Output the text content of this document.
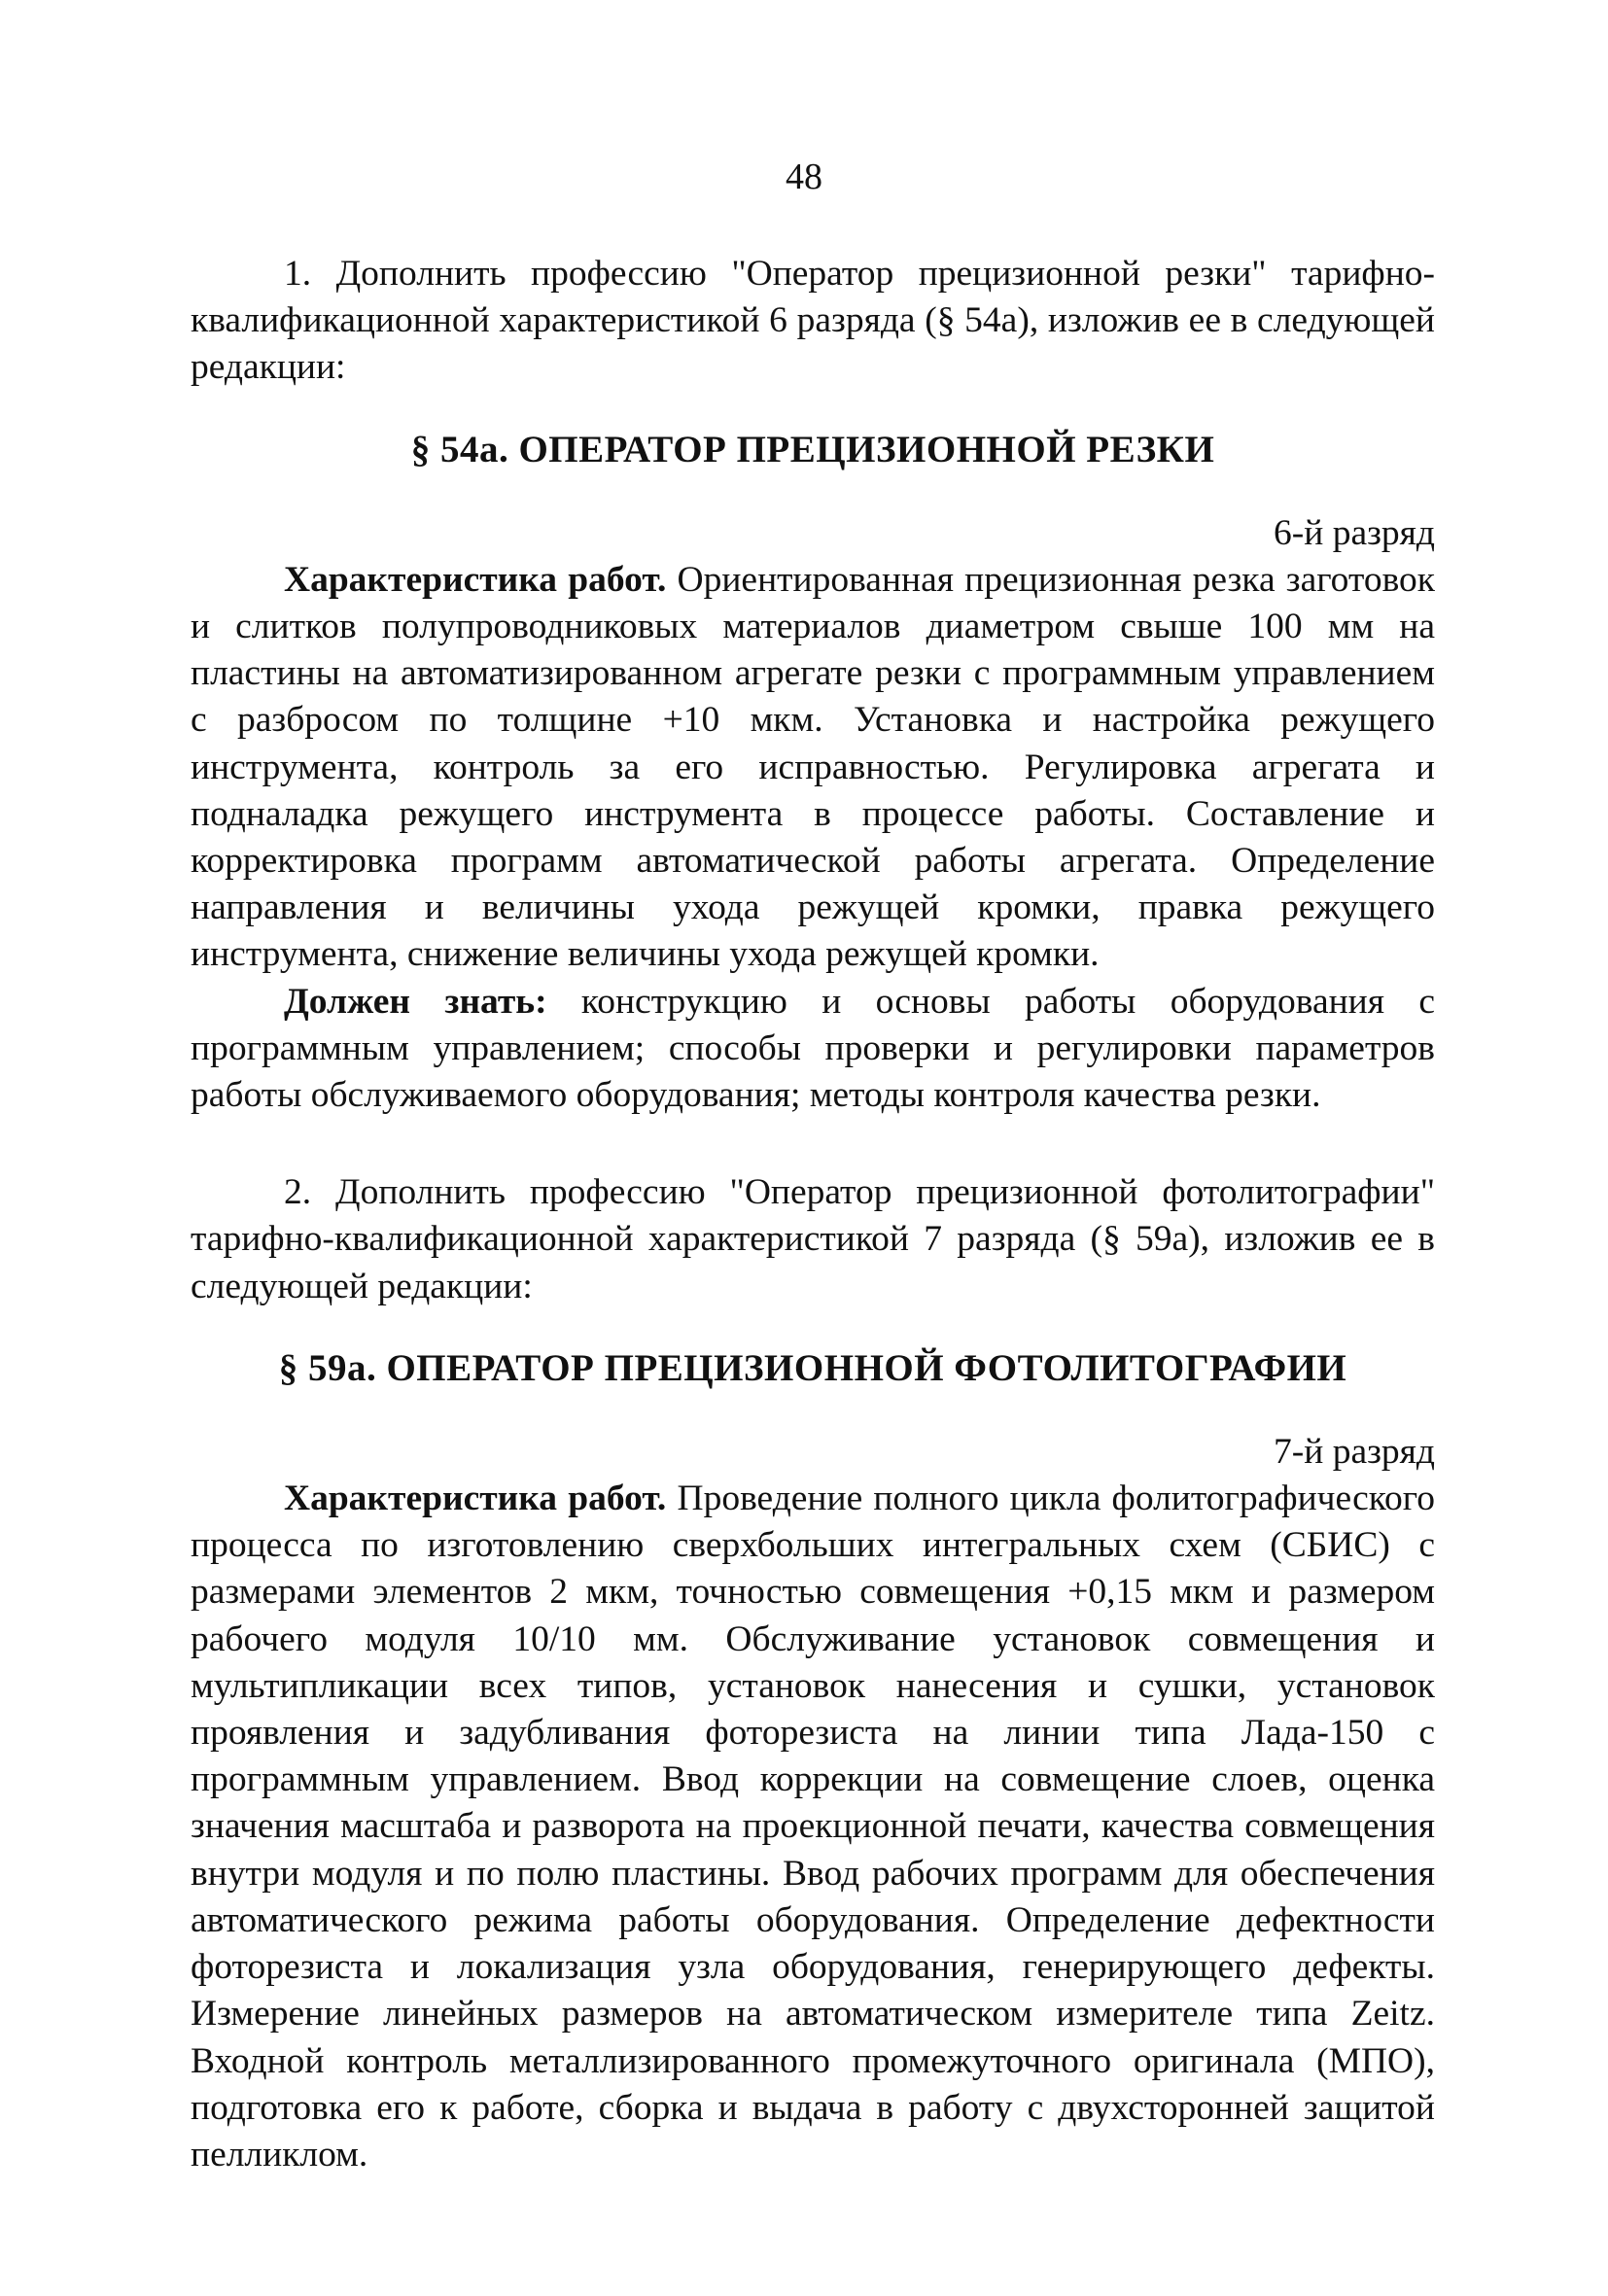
48

1. Дополнить профессию "Оператор прецизионной резки" тарифно-квалификационной характеристикой 6 разряда (§ 54а), изложив ее в следующей редакции:

§ 54а. ОПЕРАТОР ПРЕЦИЗИОННОЙ РЕЗКИ

6-й разряд

Характеристика работ. Ориентированная прецизионная резка заготовок и слитков полупроводниковых материалов диаметром свыше 100 мм на пластины на автоматизированном агрегате резки с программным управлением с разбросом по толщине +10 мкм. Установка и настройка режущего инструмента, контроль за его исправностью. Регулировка агрегата и подналадка режущего инструмента в процессе работы. Составление и корректировка программ автоматической работы агрегата. Определение направления и величины ухода режущей кромки, правка режущего инструмента, снижение величины ухода режущей кромки.

Должен знать: конструкцию и основы работы оборудования с программным управлением; способы проверки и регулировки параметров работы обслуживаемого оборудования; методы контроля качества резки.

2. Дополнить профессию "Оператор прецизионной фотолитографии" тарифно-квалификационной характеристикой 7 разряда (§ 59а), изложив ее в следующей редакции:

§ 59а. ОПЕРАТОР ПРЕЦИЗИОННОЙ ФОТОЛИТОГРАФИИ

7-й разряд

Характеристика работ. Проведение полного цикла фолитографического процесса по изготовлению сверхбольших интегральных схем (СБИС) с размерами элементов 2 мкм, точностью совмещения +0,15 мкм и размером рабочего модуля 10/10 мм. Обслуживание установок совмещения и мультипликации всех типов, установок нанесения и сушки, установок проявления и задубливания фоторезиста на линии типа Лада-150 с программным управлением. Ввод коррекции на совмещение слоев, оценка значения масштаба и разворота на проекционной печати, качества совмещения внутри модуля и по полю пластины. Ввод рабочих программ для обеспечения автоматического режима работы оборудования. Определение дефектности фоторезиста и локализация узла оборудования, генерирующего дефекты. Измерение линейных размеров на автоматическом измерителе типа Zeitz. Входной контроль металлизированного промежуточного оригинала (МПО), подготовка его к работе, сборка и выдача в работу с двухсторонней защитой пелликлом.
